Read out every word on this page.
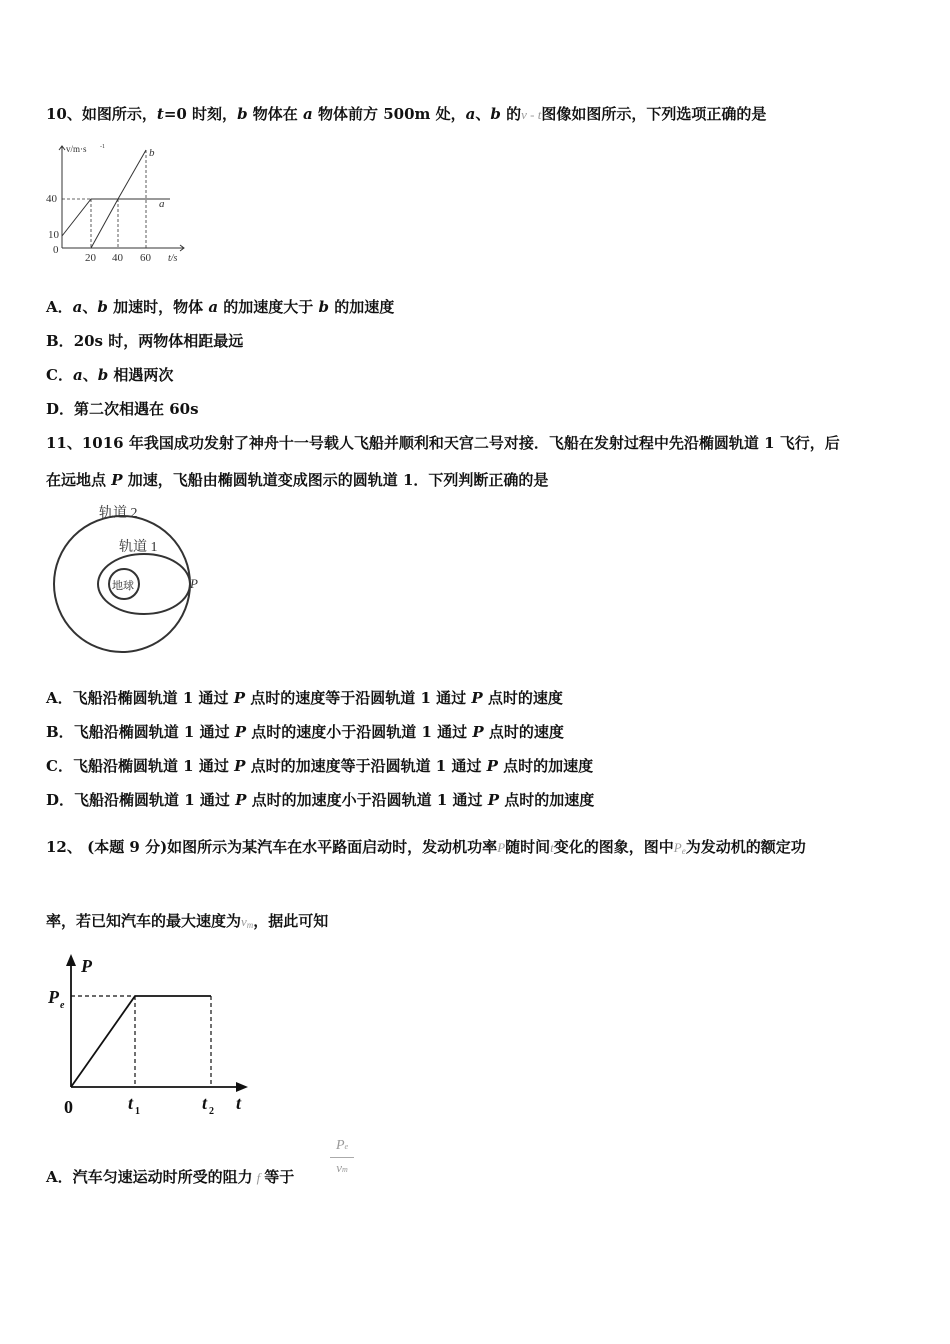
10、如图所示，t=0 时刻，b 物体在 a 物体前方 500m 处，a、b 的v - t图像如图所示，下列选项正确的是
v/m·s -1
40
10
0
20 40 60 t/s
a
b
A．a、b 加速时，物体 a 的加速度大于 b 的加速度
B．20s 时，两物体相距最远
C．a、b 相遇两次
D．第二次相遇在 60s
11、1016 年我国成功发射了神舟十一号载人飞船并顺利和天宫二号对接．飞船在发射过程中先沿椭圆轨道 1 飞行，后
在远地点 P 加速，飞船由椭圆轨道变成图示的圆轨道 1．下列判断正确的是
轨道 2
轨道 1
地球	P
A．飞船沿椭圆轨道 1 通过 P 点时的速度等于沿圆轨道 1 通过 P 点时的速度
B．飞船沿椭圆轨道 1 通过 P 点时的速度小于沿圆轨道 1 通过 P 点时的速度
C．飞船沿椭圆轨道 1 通过 P 点时的加速度等于沿圆轨道 1 通过 P 点时的加速度
D．飞船沿椭圆轨道 1 通过 P 点时的加速度小于沿圆轨道 1 通过 P 点时的加速度
12、 (本题 9 分)如图所示为某汽车在水平路面启动时，发动机功率P随时间t变化的图象，图中$P_e$为发动机的额定功
率，若已知汽车的最大速度为$v_m$，据此可知
P
P e
0	t 1	t 2 t
A．汽车匀速运动时所受的阻力 f 等于
Pe
vm
